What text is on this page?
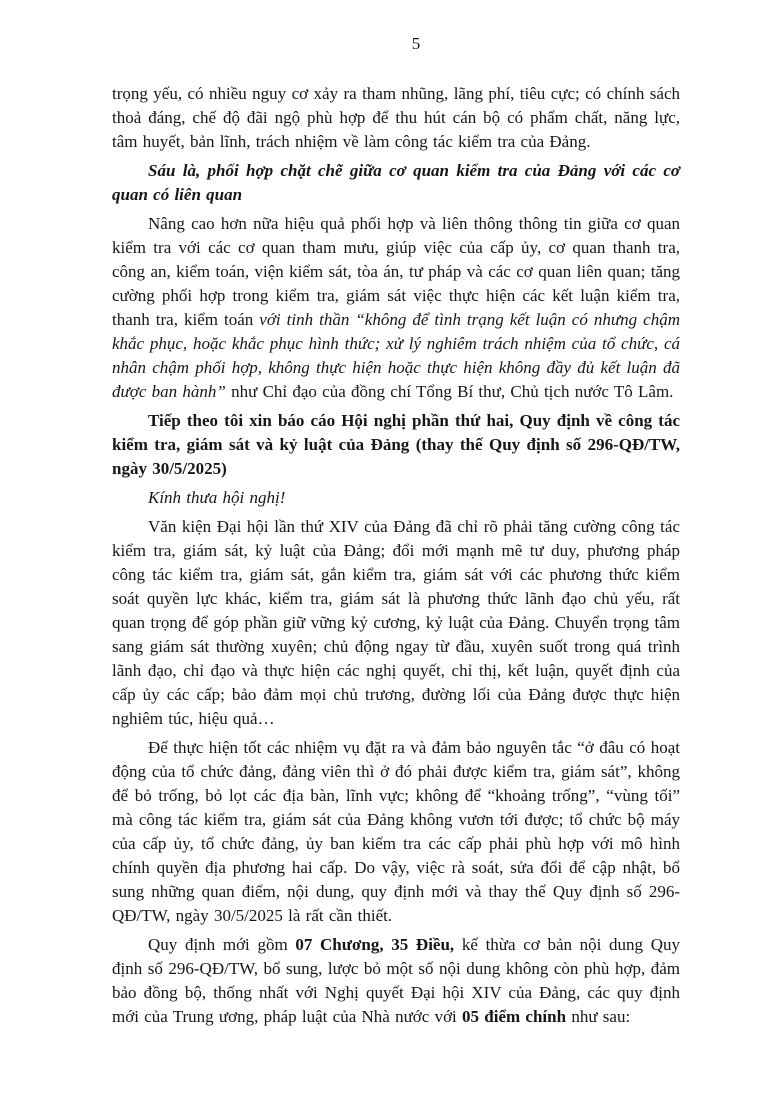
5

trọng yếu, có nhiều nguy cơ xảy ra tham nhũng, lãng phí, tiêu cực; có chính sách thoả đáng, chế độ đãi ngộ phù hợp để thu hút cán bộ có phẩm chất, năng lực, tâm huyết, bản lĩnh, trách nhiệm về làm công tác kiểm tra của Đảng.

Sáu là, phối hợp chặt chẽ giữa cơ quan kiểm tra của Đảng với các cơ quan có liên quan

Nâng cao hơn nữa hiệu quả phối hợp và liên thông thông tin giữa cơ quan kiểm tra với các cơ quan tham mưu, giúp việc của cấp ủy, cơ quan thanh tra, công an, kiểm toán, viện kiểm sát, tòa án, tư pháp và các cơ quan liên quan; tăng cường phối hợp trong kiểm tra, giám sát việc thực hiện các kết luận kiểm tra, thanh tra, kiểm toán với tinh thần “không để tình trạng kết luận có nhưng chậm khắc phục, hoặc khắc phục hình thức; xử lý nghiêm trách nhiệm của tổ chức, cá nhân chậm phối hợp, không thực hiện hoặc thực hiện không đầy đủ kết luận đã được ban hành” như Chỉ đạo của đồng chí Tổng Bí thư, Chủ tịch nước Tô Lâm.

Tiếp theo tôi xin báo cáo Hội nghị phần thứ hai, Quy định về công tác kiểm tra, giám sát và kỷ luật của Đảng (thay thế Quy định số 296-QĐ/TW, ngày 30/5/2025)

Kính thưa hội nghị!

Văn kiện Đại hội lần thứ XIV của Đảng đã chỉ rõ phải tăng cường công tác kiểm tra, giám sát, kỷ luật của Đảng; đổi mới mạnh mẽ tư duy, phương pháp công tác kiểm tra, giám sát, gắn kiểm tra, giám sát với các phương thức kiểm soát quyền lực khác, kiểm tra, giám sát là phương thức lãnh đạo chủ yếu, rất quan trọng để góp phần giữ vững kỷ cương, kỷ luật của Đảng. Chuyển trọng tâm sang giám sát thường xuyên; chủ động ngay từ đầu, xuyên suốt trong quá trình lãnh đạo, chỉ đạo và thực hiện các nghị quyết, chỉ thị, kết luận, quyết định của cấp ủy các cấp; bảo đảm mọi chủ trương, đường lối của Đảng được thực hiện nghiêm túc, hiệu quả…

Để thực hiện tốt các nhiệm vụ đặt ra và đảm bảo nguyên tắc “ở đâu có hoạt động của tổ chức đảng, đảng viên thì ở đó phải được kiểm tra, giám sát”, không để bỏ trống, bỏ lọt các địa bàn, lĩnh vực; không để “khoảng trống”, “vùng tối” mà công tác kiểm tra, giám sát của Đảng không vươn tới được; tổ chức bộ máy của cấp ủy, tổ chức đảng, ủy ban kiểm tra các cấp phải phù hợp với mô hình chính quyền địa phương hai cấp. Do vậy, việc rà soát, sửa đổi để cập nhật, bổ sung những quan điểm, nội dung, quy định mới và thay thế Quy định số 296-QĐ/TW, ngày 30/5/2025 là rất cần thiết.

Quy định mới gồm 07 Chương, 35 Điều, kế thừa cơ bản nội dung Quy định số 296-QĐ/TW, bổ sung, lược bỏ một số nội dung không còn phù hợp, đảm bảo đồng bộ, thống nhất với Nghị quyết Đại hội XIV của Đảng, các quy định mới của Trung ương, pháp luật của Nhà nước với 05 điểm chính như sau:
